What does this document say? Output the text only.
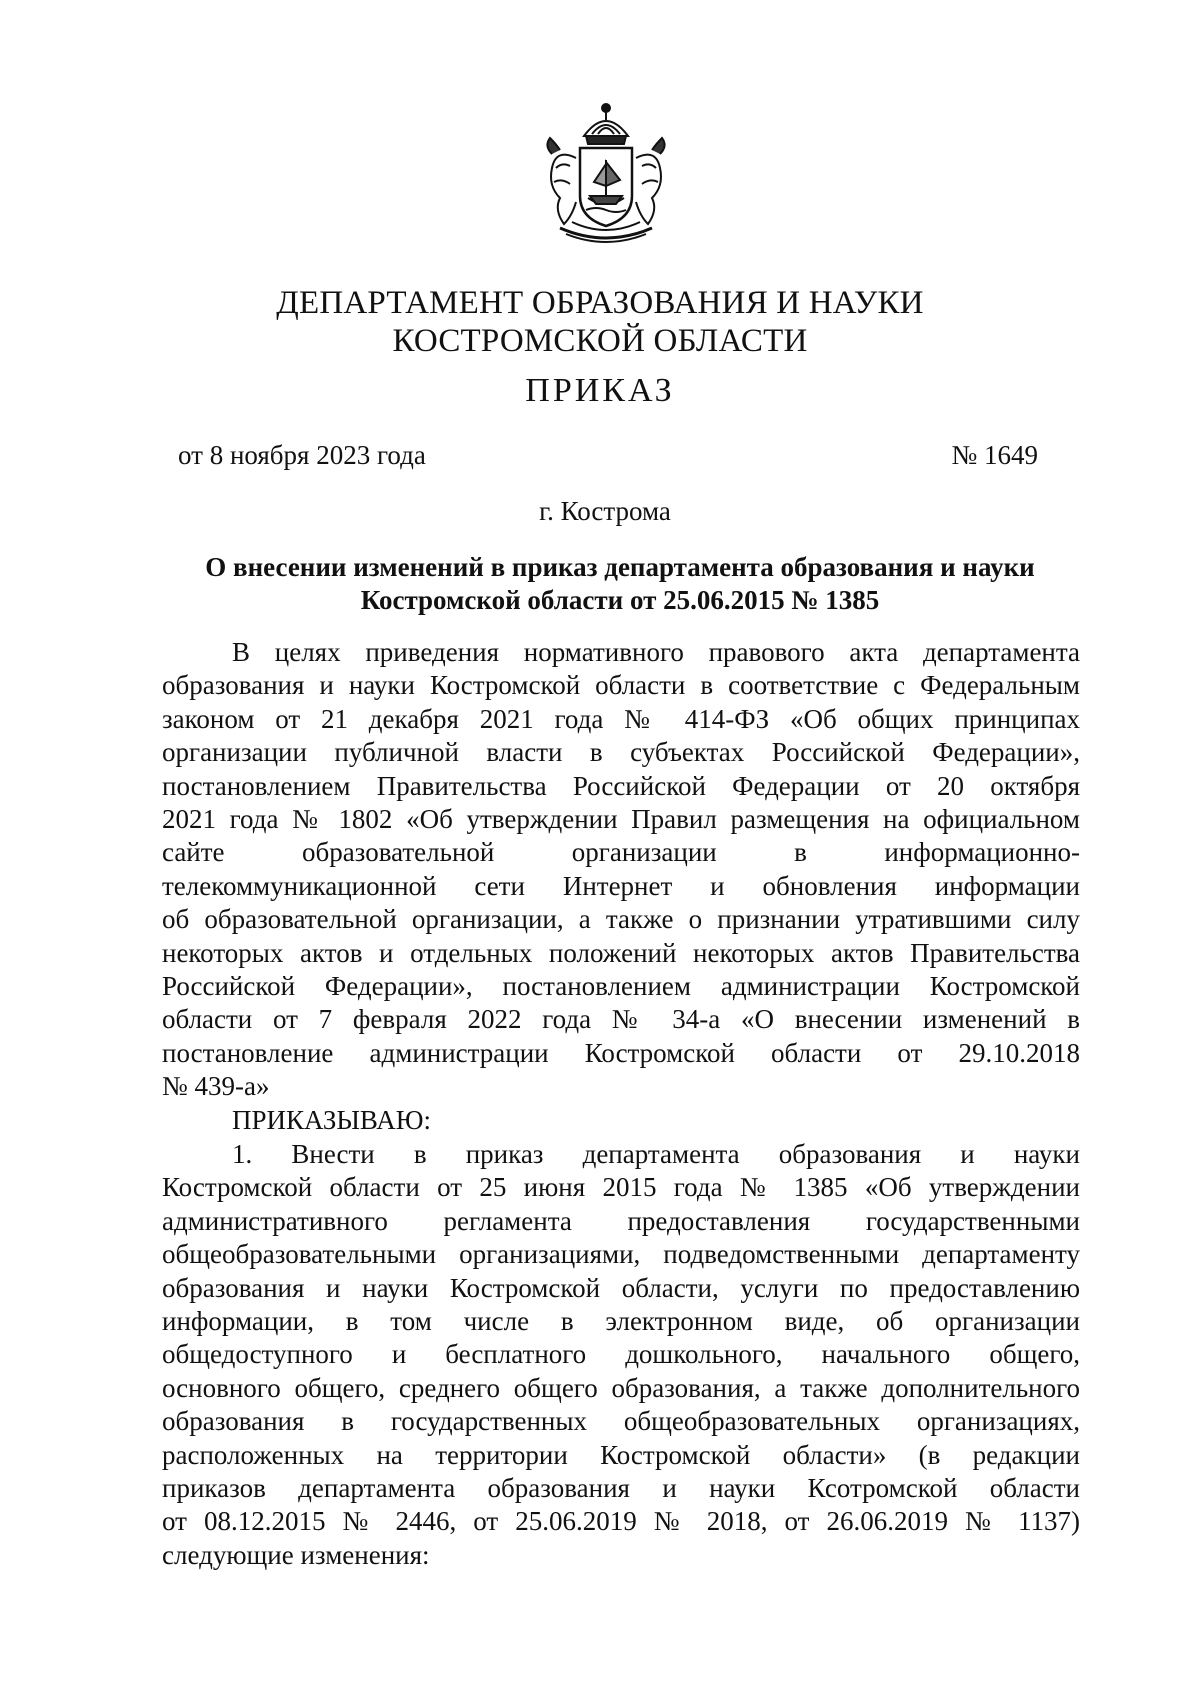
ДЕПАРТАМЕНТ ОБРАЗОВАНИЯ И НАУКИ
КОСТРОМСКОЙ ОБЛАСТИ
ПРИКАЗ
от 8 ноября 2023 года	№ 1649
г. Кострома
О внесении изменений в приказ департамента образования и науки
Костромской области от 25.06.2015 № 1385
В целях приведения нормативного правового акта департамента
образования и науки Костромской области в соответствие с Федеральным
законом от 21 декабря 2021 года № 414-ФЗ «Об общих принципах
организации публичной власти в субъектах Российской Федерации»,
постановлением Правительства Российской Федерации от 20 октября
2021 года № 1802 «Об утверждении Правил размещения на официальном
сайте образовательной организации в информационно-
телекоммуникационной сети Интернет и обновления информации
об образовательной организации, а также о признании утратившими силу
некоторых актов и отдельных положений некоторых актов Правительства
Российской Федерации», постановлением администрации Костромской
области от 7 февраля 2022 года № 34-а «О внесении изменений в
постановление администрации Костромской области от 29.10.2018
№ 439-а»
ПРИКАЗЫВАЮ:
1. Внести в приказ департамента образования и науки
Костромской области от 25 июня 2015 года № 1385 «Об утверждении
административного регламента предоставления государственными
общеобразовательными организациями, подведомственными департаменту
образования и науки Костромской области, услуги по предоставлению
информации, в том числе в электронном виде, об организации
общедоступного и бесплатного дошкольного, начального общего,
основного общего, среднего общего образования, а также дополнительного
образования в государственных общеобразовательных организациях,
расположенных на территории Костромской области» (в редакции
приказов департамента образования и науки Ксотромской области
от 08.12.2015 № 2446, от 25.06.2019 № 2018, от 26.06.2019 № 1137)
следующие изменения:
